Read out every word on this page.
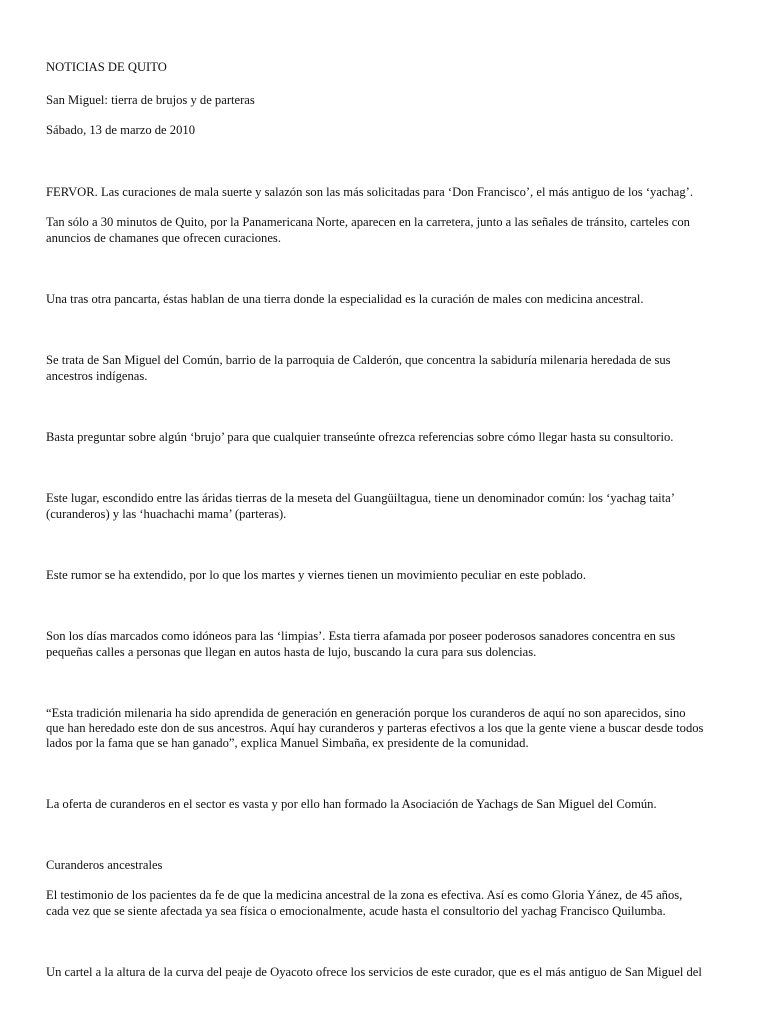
NOTICIAS DE QUITO

San Miguel: tierra de brujos y de parteras

Sábado, 13 de marzo de 2010

FERVOR. Las curaciones de mala suerte y salazón son las más solicitadas para ‘Don Francisco’, el más antiguo de los ‘yachag’.

Tan sólo a 30 minutos de Quito, por la Panamericana Norte, aparecen en la carretera, junto a las señales de tránsito, carteles con

anuncios de chamanes que ofrecen curaciones.

Una tras otra pancarta, éstas hablan de una tierra donde la especialidad es la curación de males con medicina ancestral.

Se trata de San Miguel del Común, barrio de la parroquia de Calderón, que concentra la sabiduría milenaria heredada de sus

ancestros indígenas.

Basta preguntar sobre algún ‘brujo’ para que cualquier transeúnte ofrezca referencias sobre cómo llegar hasta su consultorio.

Este lugar, escondido entre las áridas tierras de la meseta del Guangüiltagua, tiene un denominador común: los ‘yachag taita’

(curanderos) y las ‘huachachi mama’ (parteras).

Este rumor se ha extendido, por lo que los martes y viernes tienen un movimiento peculiar en este poblado.

Son los días marcados como idóneos para las ‘limpias’. Esta tierra afamada por poseer poderosos sanadores concentra en sus

pequeñas calles a personas que llegan en autos hasta de lujo, buscando la cura para sus dolencias.

“Esta tradición milenaria ha sido aprendida de generación en generación porque los curanderos de aquí no son aparecidos, sino

que han heredado este don de sus ancestros. Aquí hay curanderos y parteras efectivos a los que la gente viene a buscar desde todos

lados por la fama que se han ganado”, explica Manuel Simbaña, ex presidente de la comunidad.

La oferta de curanderos en el sector es vasta y por ello han formado la Asociación de Yachags de San Miguel del Común.

Curanderos ancestrales

El testimonio de los pacientes da fe de que la medicina ancestral de la zona es efectiva. Así es como Gloria Yánez, de 45 años,

cada vez que se siente afectada ya sea física o emocionalmente, acude hasta el consultorio del yachag Francisco Quilumba.

Un cartel a la altura de la curva del peaje de Oyacoto ofrece los servicios de este curador, que es el más antiguo de San Miguel del
